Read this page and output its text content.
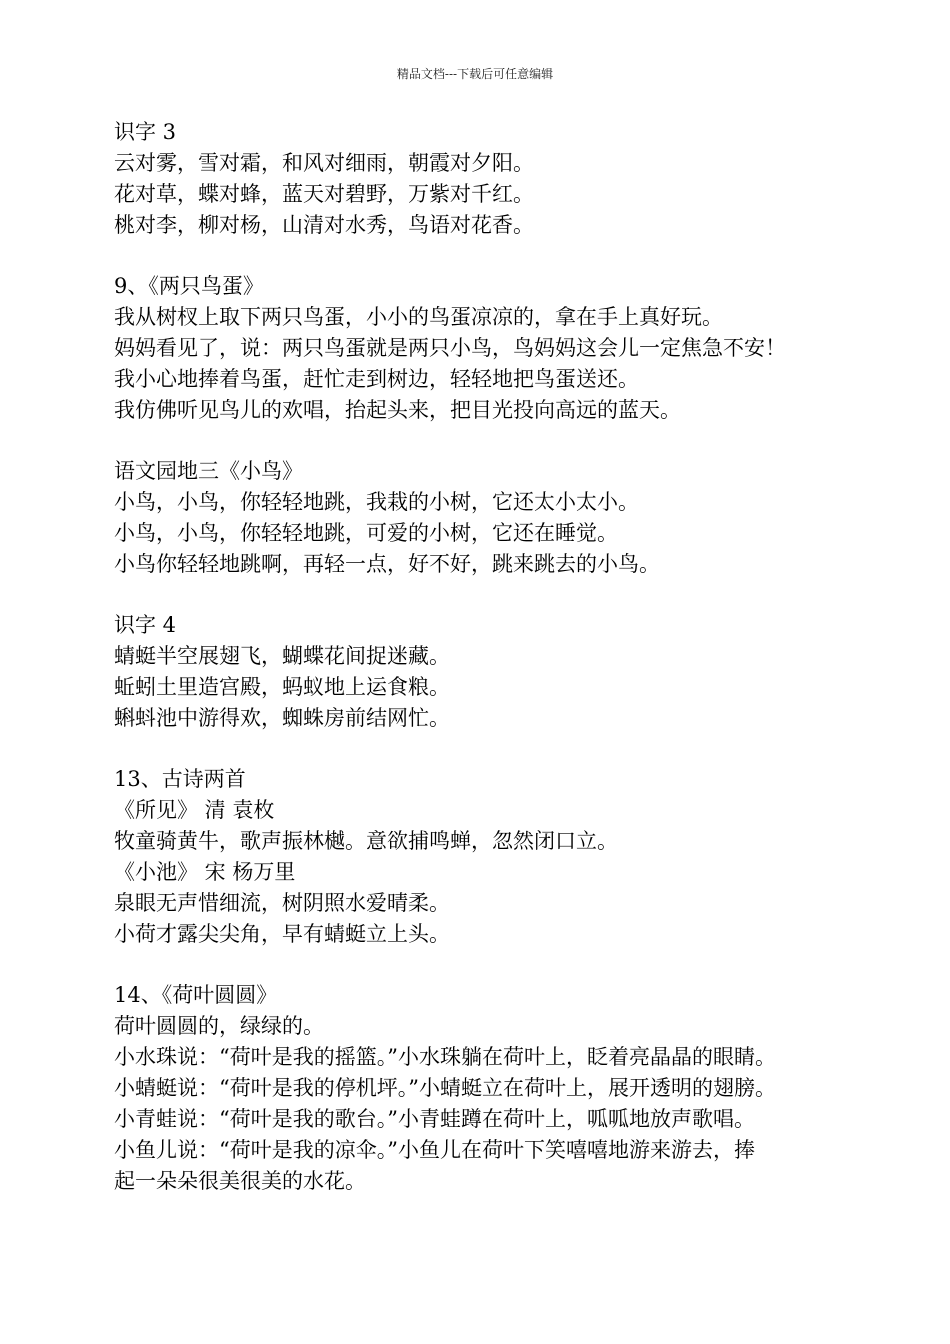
精品文档---下载后可任意编辑
识字 3
云对雾，雪对霜，和风对细雨，朝霞对夕阳。
花对草，蝶对蜂，蓝天对碧野，万紫对千红。
桃对李，柳对杨，山清对水秀，鸟语对花香。
9、《两只鸟蛋》
我从树杈上取下两只鸟蛋，小小的鸟蛋凉凉的，拿在手上真好玩。
妈妈看见了，说：两只鸟蛋就是两只小鸟，鸟妈妈这会儿一定焦急不安！
我小心地捧着鸟蛋，赶忙走到树边，轻轻地把鸟蛋送还。
我仿佛听见鸟儿的欢唱，抬起头来，把目光投向高远的蓝天。
语文园地三《小鸟》
小鸟，小鸟，你轻轻地跳，我栽的小树，它还太小太小。
小鸟，小鸟，你轻轻地跳，可爱的小树，它还在睡觉。
小鸟你轻轻地跳啊，再轻一点，好不好，跳来跳去的小鸟。
识字 4
蜻蜓半空展翅飞，蝴蝶花间捉迷藏。
蚯蚓土里造宫殿，蚂蚁地上运食粮。
蝌蚪池中游得欢，蜘蛛房前结网忙。
13、古诗两首
《所见》 清 袁枚
牧童骑黄牛，歌声振林樾。意欲捕鸣蝉，忽然闭口立。
《小池》 宋 杨万里
泉眼无声惜细流，树阴照水爱晴柔。
小荷才露尖尖角，早有蜻蜓立上头。
14、《荷叶圆圆》
荷叶圆圆的，绿绿的。
小水珠说：“荷叶是我的摇篮。”小水珠躺在荷叶上，眨着亮晶晶的眼睛。
小蜻蜓说：“荷叶是我的停机坪。”小蜻蜓立在荷叶上，展开透明的翅膀。
小青蛙说：“荷叶是我的歌台。”小青蛙蹲在荷叶上，呱呱地放声歌唱。
小鱼儿说：“荷叶是我的凉伞。”小鱼儿在荷叶下笑嘻嘻地游来游去，捧
起一朵朵很美很美的水花。
